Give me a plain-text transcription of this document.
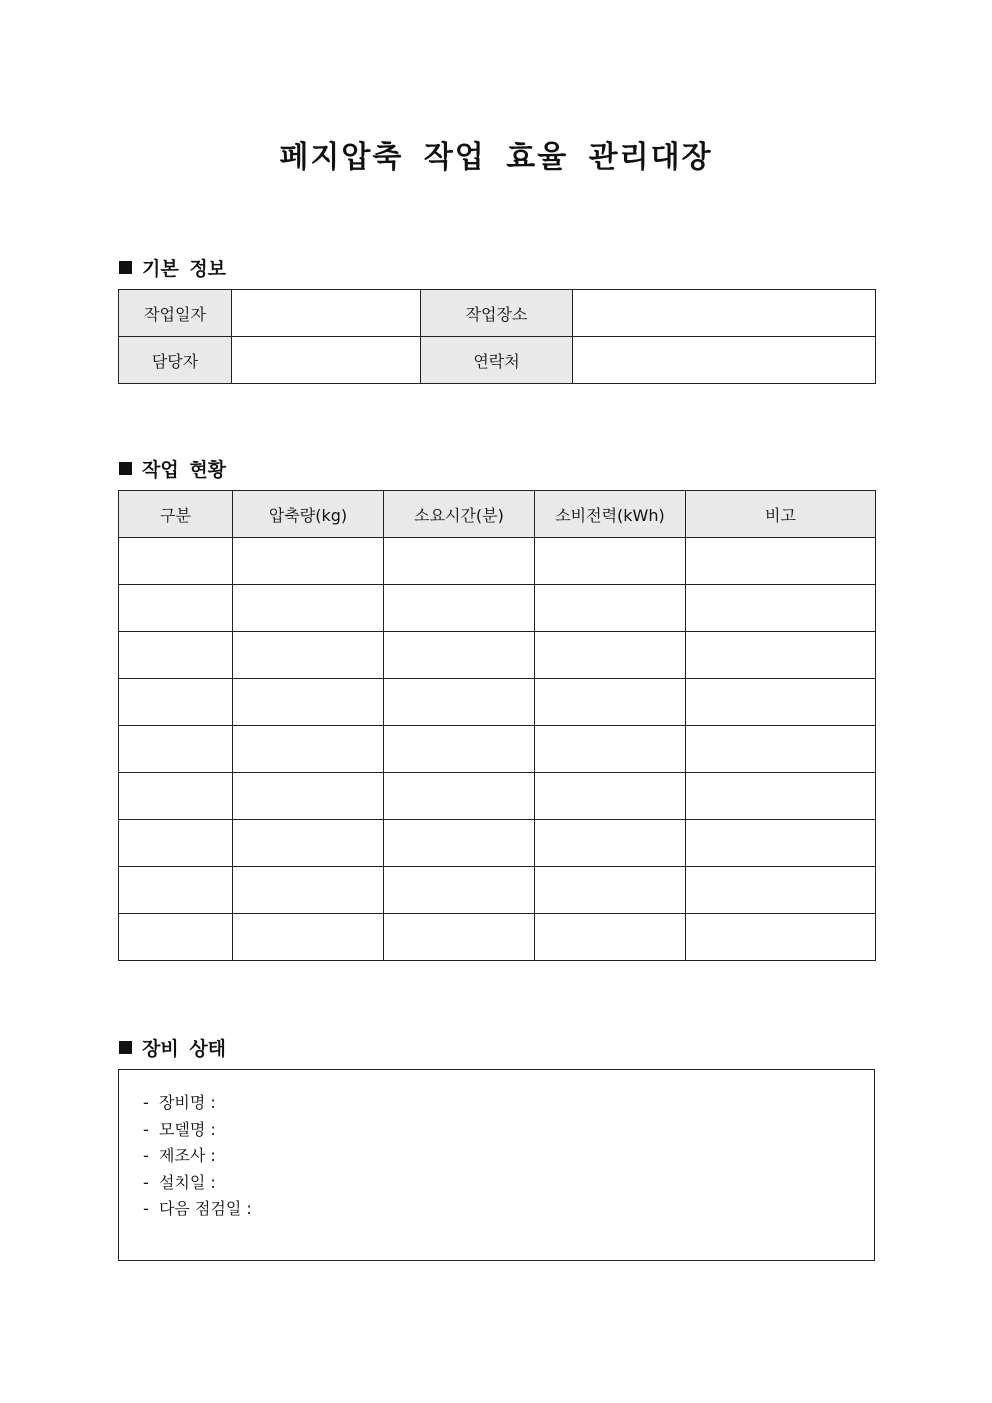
페지압축 작업 효율 관리대장
기본 정보
작업일자		작업장소	
담당자		연락처	
작업 현황
구분	압축량(kg)	소요시간(분)	소비전력(kWh)	비고

장비 상태
-  장비명 :
-  모델명 :
-  제조사 :
-  설치일 :
-  다음 점검일 :
